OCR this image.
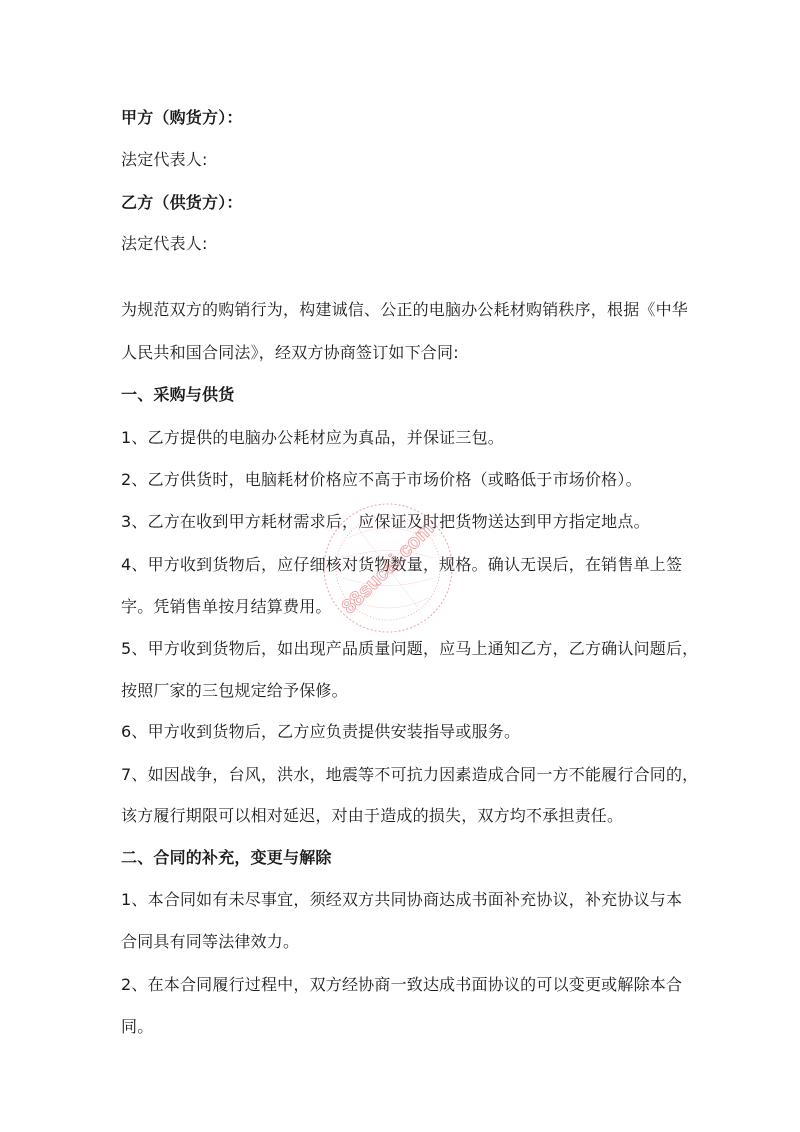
甲方（购货方）：
法定代表人:
乙方（供货方）：
法定代表人:
为规范双方的购销行为，构建诚信、公正的电脑办公耗材购销秩序，根据《中华
人民共和国合同法》，经双方协商签订如下合同:
一、采购与供货
1、乙方提供的电脑办公耗材应为真品，并保证三包。
2、乙方供货时，电脑耗材价格应不高于市场价格（或略低于市场价格）。
3、乙方在收到甲方耗材需求后，应保证及时把货物送达到甲方指定地点。
4、甲方收到货物后，应仔细核对货物数量，规格。确认无误后，在销售单上签
字。凭销售单按月结算费用。
5、甲方收到货物后，如出现产品质量问题，应马上通知乙方，乙方确认问题后，
按照厂家的三包规定给予保修。
6、甲方收到货物后，乙方应负责提供安装指导或服务。
7、如因战争，台风，洪水，地震等不可抗力因素造成合同一方不能履行合同的，
该方履行期限可以相对延迟，对由于造成的损失，双方均不承担责任。
二、合同的补充，变更与解除
1、本合同如有未尽事宜，须经双方共同协商达成书面补充协议，补充协议与本
合同具有同等法律效力。
2、在本合同履行过程中，双方经协商一致达成书面协议的可以变更或解除本合
同。
88sucai.com
